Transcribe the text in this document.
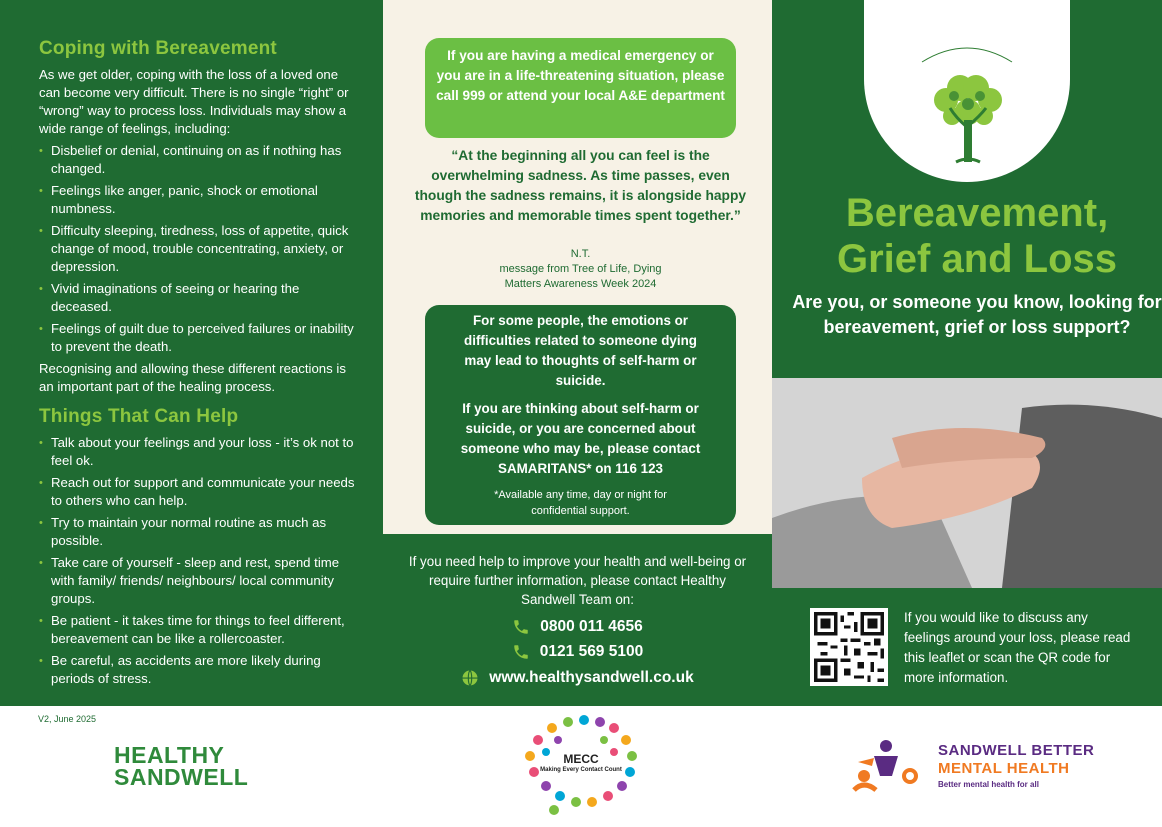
Coping with Bereavement

As we get older, coping with the loss of a loved one can become very difficult. There is no single “right” or “wrong” way to process loss. Individuals may show a wide range of feelings, including:

• Disbelief or denial, continuing on as if nothing has changed.
• Feelings like anger, panic, shock or emotional numbness.
• Difficulty sleeping, tiredness, loss of appetite, quick change of mood, trouble concentrating, anxiety, or depression.
• Vivid imaginations of seeing or hearing the deceased.
• Feelings of guilt due to perceived failures or inability to prevent the death.

Recognising and allowing these different reactions is an important part of the healing process.

Things That Can Help
• Talk about your feelings and your loss - it’s ok not to feel ok.
• Reach out for support and communicate your needs to others who can help.
• Try to maintain your normal routine as much as possible.
• Take care of yourself - sleep and rest, spend time with family/ friends/ neighbours/ local community groups.
• Be patient - it takes time for things to feel different, bereavement can be like a rollercoaster.
• Be careful, as accidents are more likely during periods of stress.
If you are having a medical emergency or you are in a life-threatening situation, please call 999 or attend your local A&E department
“At the beginning all you can feel is the overwhelming sadness. As time passes, even though the sadness remains, it is alongside happy memories and memorable times spent together.”
N.T.
message from Tree of Life, Dying Matters Awareness Week 2024
For some people, the emotions or difficulties related to someone dying may lead to thoughts of self-harm or suicide.
If you are thinking about self-harm or suicide, or you are concerned about someone who may be, please contact SAMARITANS* on 116 123
*Available any time, day or night for confidential support.
If you need help to improve your health and well-being or require further information, please contact Healthy Sandwell Team on:
0800 011 4656
0121 569 5100
www.healthysandwell.co.uk
Bereavement,
Grief and Loss
Are you, or someone you know, looking for bereavement, grief or loss support?
If you would like to discuss any feelings around your loss, please read this leaflet or scan the QR code for more information.
V2, June 2025
HEALTHY
SANDWELL
MECC
Making Every Contact Count
SANDWELL BETTER
MENTAL HEALTH
Better mental health for all
